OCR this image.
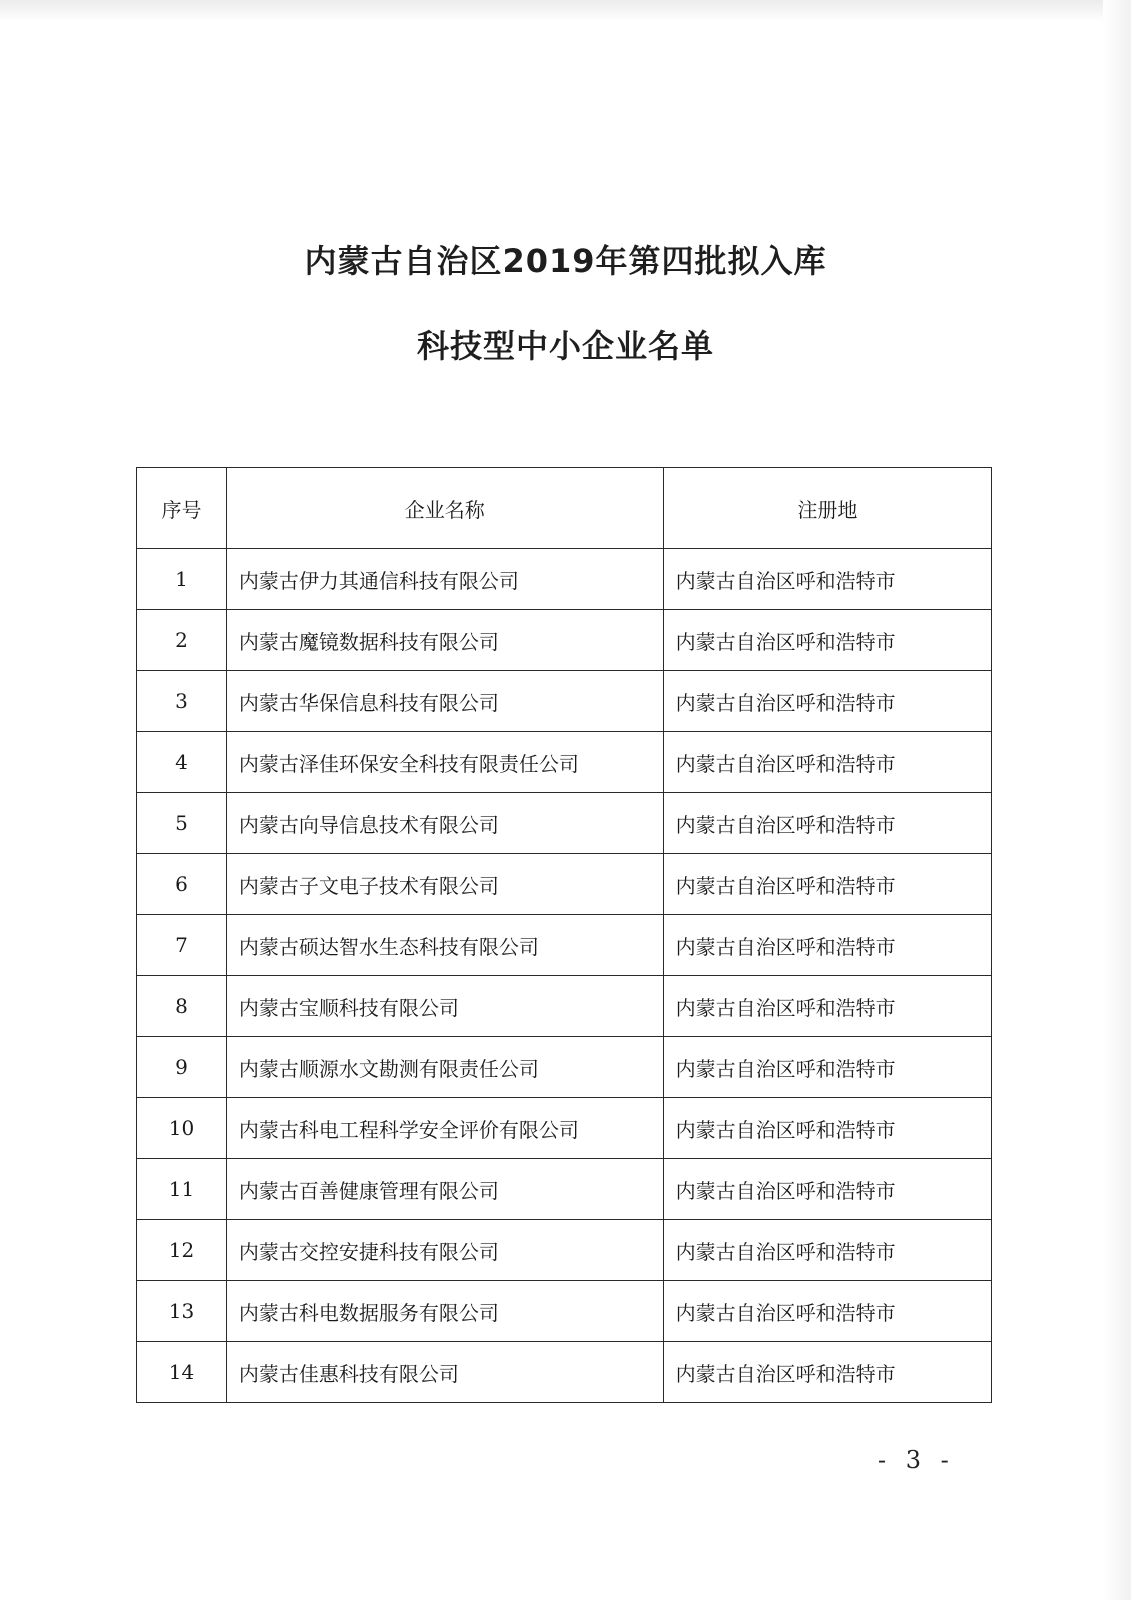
内蒙古自治区2019年第四批拟入库
科技型中小企业名单
序号	企业名称	注册地
1	内蒙古伊力其通信科技有限公司	内蒙古自治区呼和浩特市
2	内蒙古魔镜数据科技有限公司	内蒙古自治区呼和浩特市
3	内蒙古华保信息科技有限公司	内蒙古自治区呼和浩特市
4	内蒙古泽佳环保安全科技有限责任公司	内蒙古自治区呼和浩特市
5	内蒙古向导信息技术有限公司	内蒙古自治区呼和浩特市
6	内蒙古子文电子技术有限公司	内蒙古自治区呼和浩特市
7	内蒙古硕达智水生态科技有限公司	内蒙古自治区呼和浩特市
8	内蒙古宝顺科技有限公司	内蒙古自治区呼和浩特市
9	内蒙古顺源水文勘测有限责任公司	内蒙古自治区呼和浩特市
10	内蒙古科电工程科学安全评价有限公司	内蒙古自治区呼和浩特市
11	内蒙古百善健康管理有限公司	内蒙古自治区呼和浩特市
12	内蒙古交控安捷科技有限公司	内蒙古自治区呼和浩特市
13	内蒙古科电数据服务有限公司	内蒙古自治区呼和浩特市
14	内蒙古佳惠科技有限公司	内蒙古自治区呼和浩特市
- 3 -
